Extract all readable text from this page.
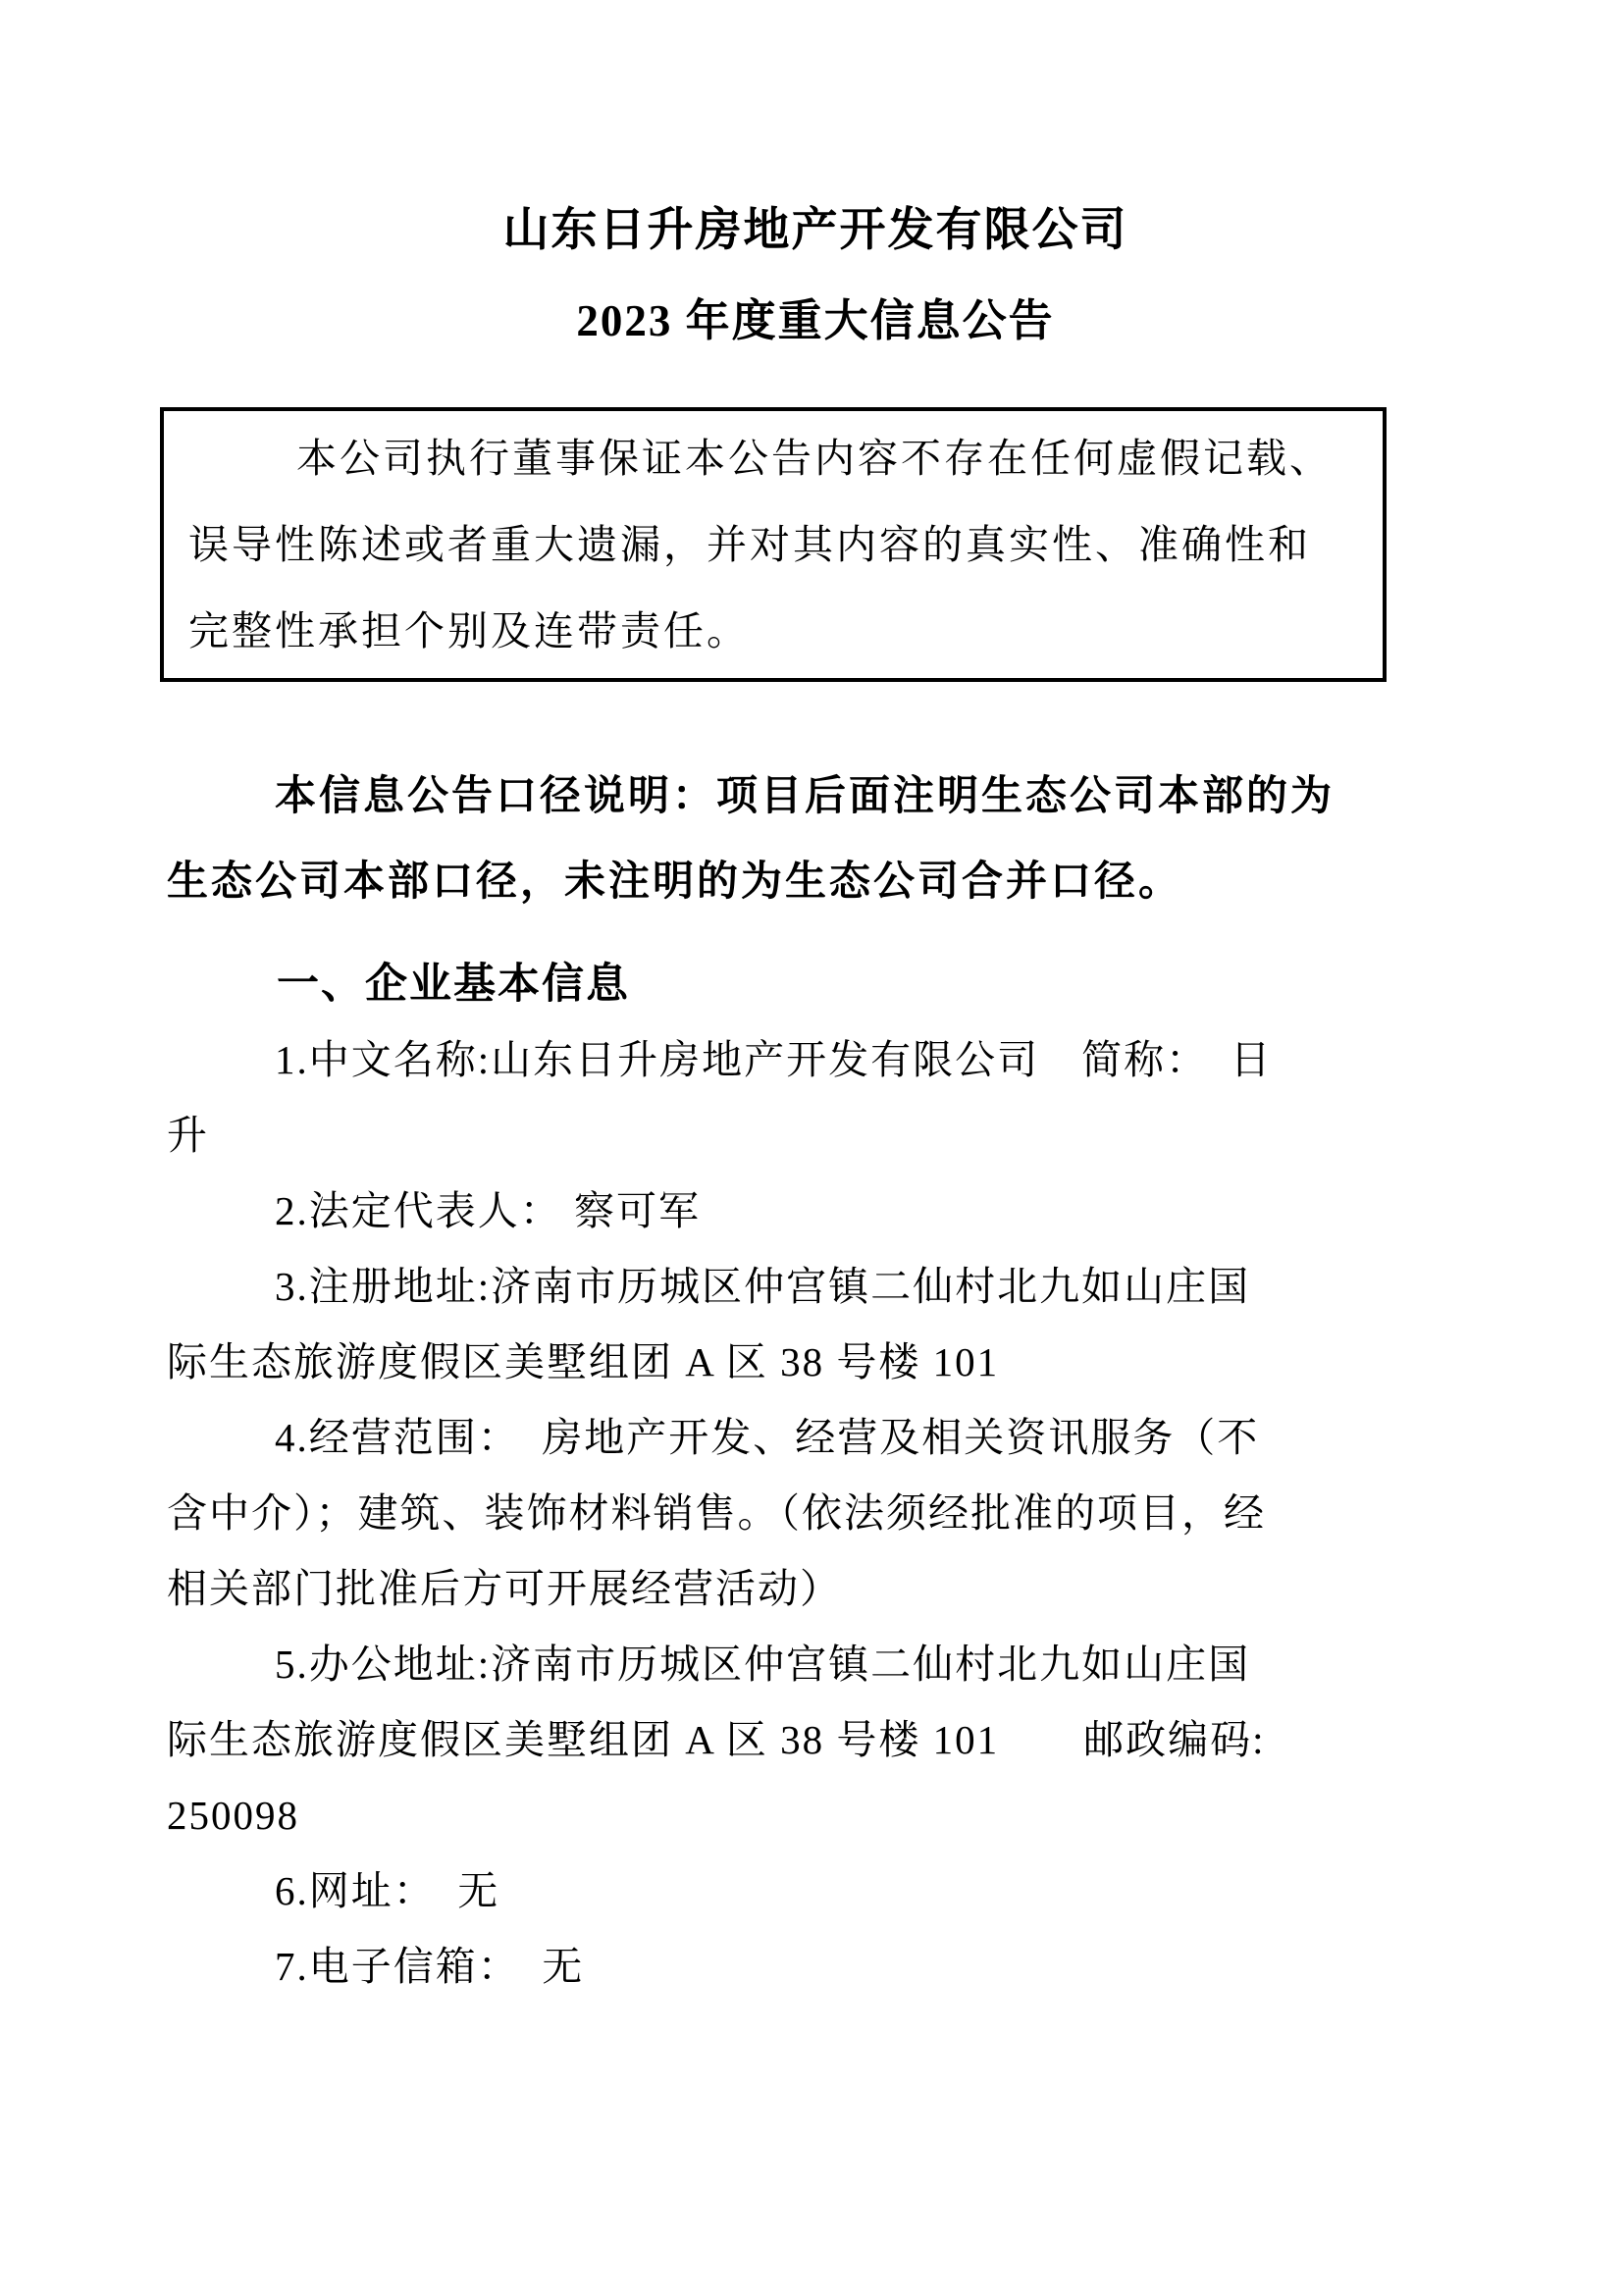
山东日升房地产开发有限公司
2023 年度重大信息公告
本公司执行董事保证本公告内容不存在任何虚假记载、
误导性陈述或者重大遗漏，并对其内容的真实性、准确性和
完整性承担个别及连带责任。
本信息公告口径说明：项目后面注明生态公司本部的为
生态公司本部口径，未注明的为生态公司合并口径。
一、企业基本信息
1.中文名称:山东日升房地产开发有限公司　简称：　日
升
2.法定代表人： 察可军
3.注册地址:济南市历城区仲宫镇二仙村北九如山庄国
际生态旅游度假区美墅组团 A 区 38 号楼 101
4.经营范围：　房地产开发、经营及相关资讯服务（不
含中介）；建筑、装饰材料销售。（依法须经批准的项目，经
相关部门批准后方可开展经营活动）
5.办公地址:济南市历城区仲宫镇二仙村北九如山庄国
际生态旅游度假区美墅组团 A 区 38 号楼 101　　邮政编码:
250098
6.网址：　无
7.电子信箱：　无
